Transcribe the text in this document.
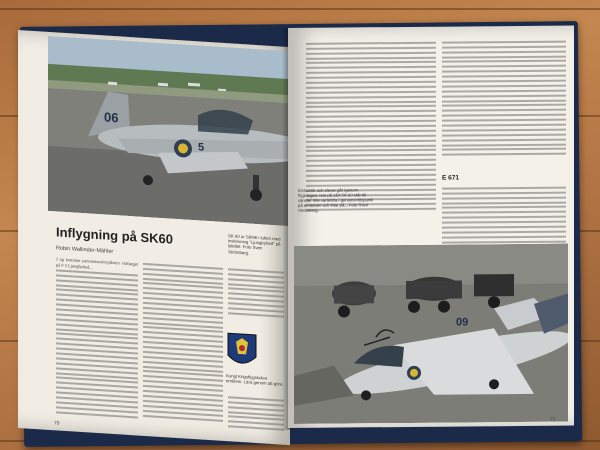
06
5
Inflygning på SK60
Robin Wallinder-Mähler
SK 60 ur S8/96 i luften med inskrivning ”Ljungbyhed” på lyfeltet. Foto Sven Strömberg.
J ag kommer personmanövrpiloten värfaeget på F 5 Ljungbyhed...
Kungl Krigsflygskolan emblem. Lära genom att göra
70
E 671
Instruktör och elever går igenom flygningen. Här på vårt SK 60 står till vänster inte varandra i genomsnittspanik på terrassen och tittar på... Foto Sven Strömberg.
09
71
